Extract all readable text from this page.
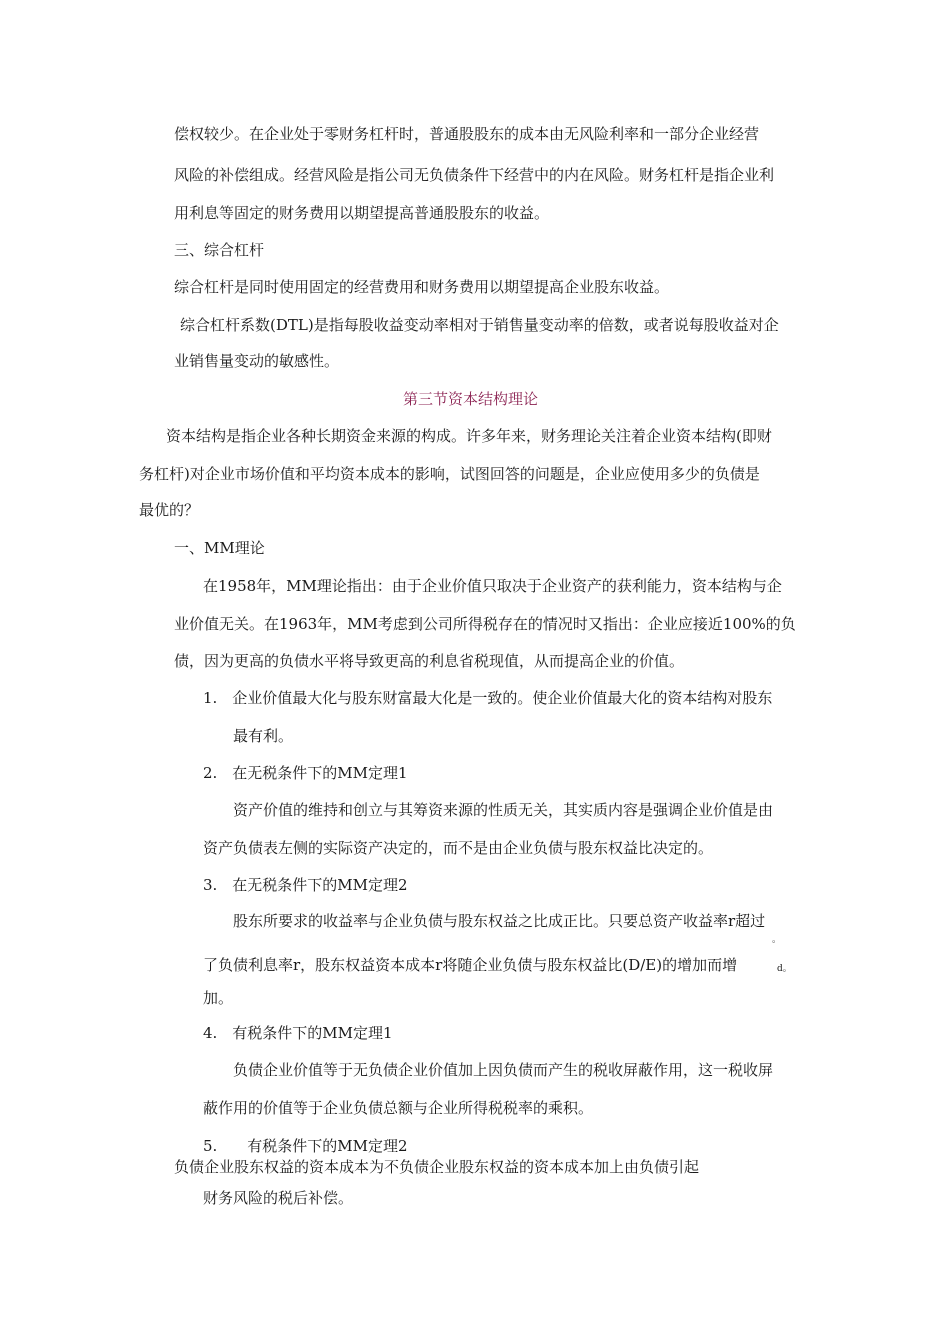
偿权较少。在企业处于零财务杠杆时，普通股股东的成本由无风险利率和一部分企业经营
风险的补偿组成。经营风险是指公司无负债条件下经营中的内在风险。财务杠杆是指企业利
用利息等固定的财务费用以期望提高普通股股东的收益。
三、综合杠杆
综合杠杆是同时使用固定的经营费用和财务费用以期望提高企业股东收益。
综合杠杆系数(DTL)是指每股收益变动率相对于销售量变动率的倍数，或者说每股收益对企
业销售量变动的敏感性。
第三节资本结构理论
资本结构是指企业各种长期资金来源的构成。许多年来，财务理论关注着企业资本结构(即财
务杠杆)对企业市场价值和平均资本成本的影响，试图回答的问题是，企业应使用多少的负债是
最优的？
一、MM理论
在1958年，MM理论指出：由于企业价值只取决于企业资产的获利能力，资本结构与企
业价值无关。在1963年，MM考虑到公司所得税存在的情况时又指出：企业应接近100%的负
债，因为更高的负债水平将导致更高的利息省税现值，从而提高企业的价值。
1.　企业价值最大化与股东财富最大化是一致的。使企业价值最大化的资本结构对股东
最有利。
2.　在无税条件下的MM定理1
资产价值的维持和创立与其筹资来源的性质无关，其实质内容是强调企业价值是由
资产负债表左侧的实际资产决定的，而不是由企业负债与股东权益比决定的。
3.　在无税条件下的MM定理2
股东所要求的收益率与企业负债与股东权益之比成正比。只要总资产收益率r超过
。
了负债利息率r，股东权益资本成本r将随企业负债与股东权益比(D/E)的增加而增	d。
加。
4.　有税条件下的MM定理1
负债企业价值等于无负债企业价值加上因负债而产生的税收屏蔽作用，这一税收屏
蔽作用的价值等于企业负债总额与企业所得税税率的乘积。
5.　　有税条件下的MM定理2
负债企业股东权益的资本成本为不负债企业股东权益的资本成本加上由负债引起
财务风险的税后补偿。
